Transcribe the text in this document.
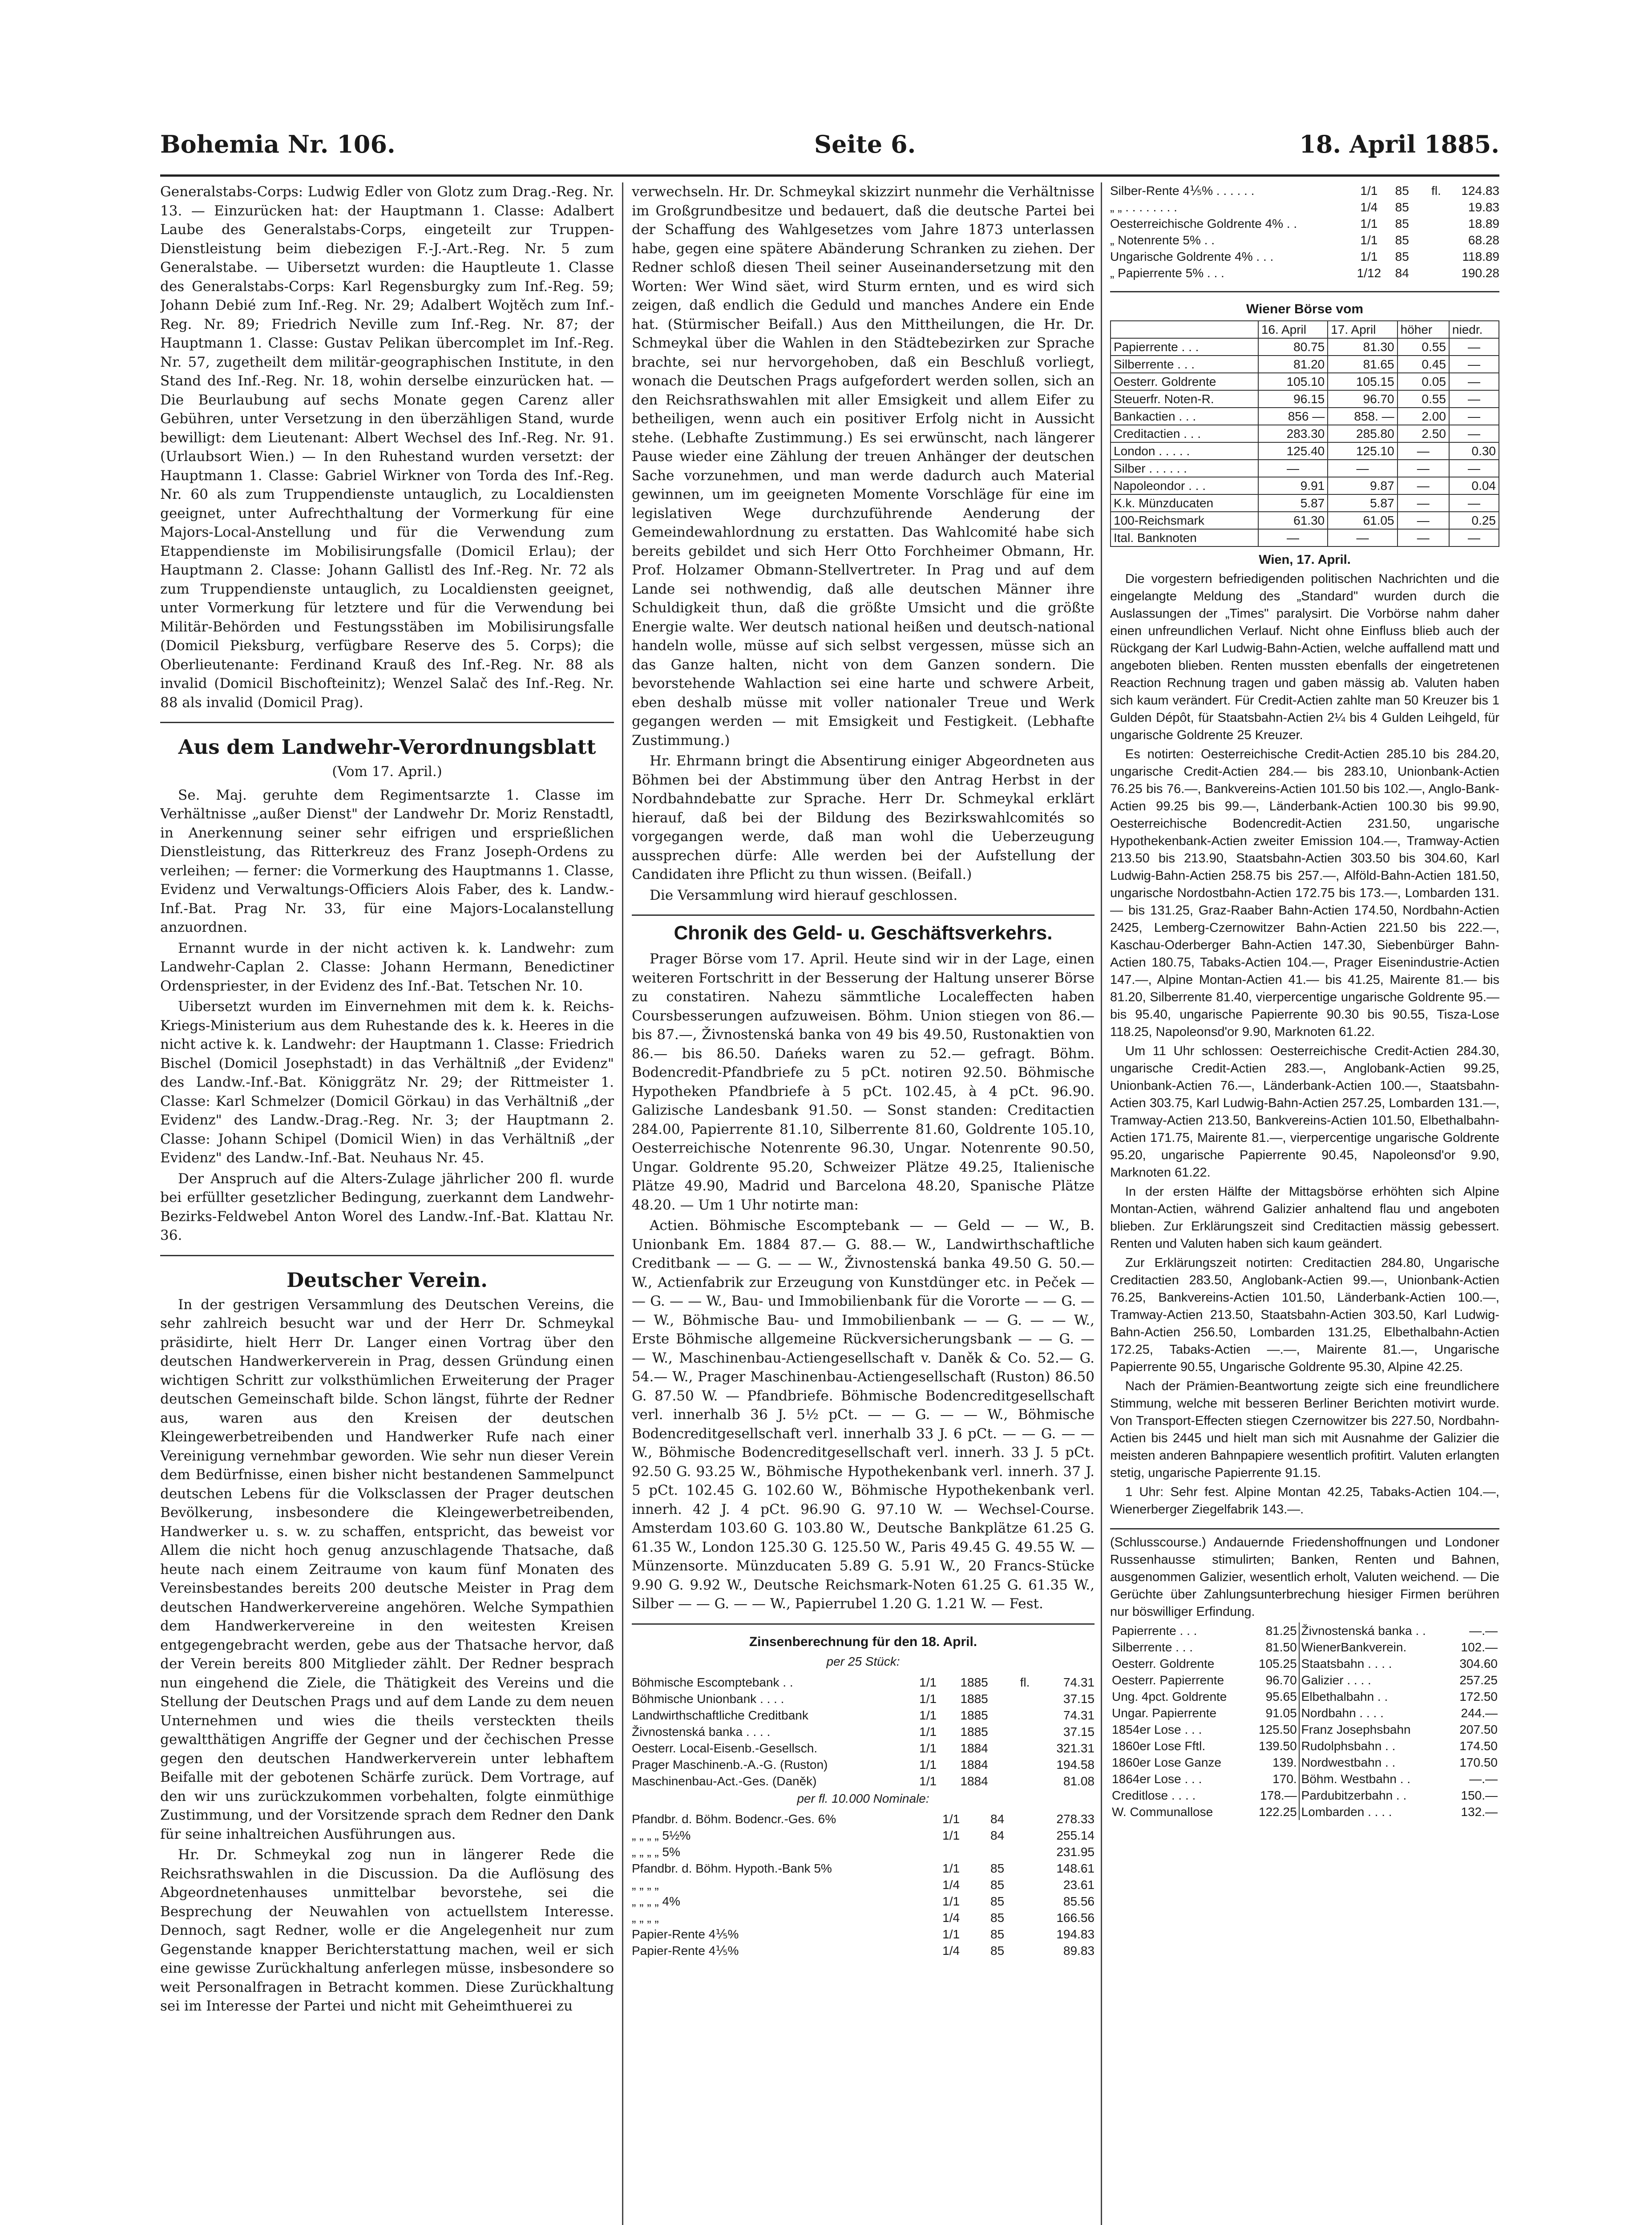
Bohemia Nr. 106.	Seite 6.	18. April 1885.

Generalstabs-Corps: Ludwig Edler von Glotz zum Drag.-Reg. Nr. 13. — Einzurücken hat: der Hauptmann 1. Classe: Adalbert Laube des Generalstabs-Corps, eingeteilt zur Truppen-Dienstleistung beim diebezigen F.-J.-Art.-Reg. Nr. 5 zum Generalstabe. — Uibersetzt wurden: die Hauptleute 1. Classe des Generalstabs-Corps: Karl Regensburgky zum Inf.-Reg. 59; Johann Debié zum Inf.-Reg. Nr. 29; Adalbert Wojtěch zum Inf.-Reg. Nr. 89; Friedrich Neville zum Inf.-Reg. Nr. 87; der Hauptmann 1. Classe: Gustav Pelikan übercomplet im Inf.-Reg. Nr. 57, zugetheilt dem militär-geographischen Institute, in den Stand des Inf.-Reg. Nr. 18, wohin derselbe einzurücken hat. — Die Beurlaubung auf sechs Monate gegen Carenz aller Gebühren, unter Versetzung in den überzähligen Stand, wurde bewilligt: dem Lieutenant: Albert Wechsel des Inf.-Reg. Nr. 91. (Urlaubsort Wien.) — In den Ruhestand wurden versetzt: der Hauptmann 1. Classe: Gabriel Wirkner von Torda des Inf.-Reg. Nr. 60 als zum Truppendienste untauglich, zu Localdiensten geeignet, unter Aufrechthaltung der Vormerkung für eine Majors-Local-Anstellung und für die Verwendung zum Etappendienste im Mobilisirungsfalle (Domicil Erlau); der Hauptmann 2. Classe: Johann Gallistl des Inf.-Reg. Nr. 72 als zum Truppendienste untauglich, zu Localdiensten geeignet, unter Vormerkung für letztere und für die Verwendung bei Militär-Behörden und Festungsstäben im Mobilisirungsfalle (Domicil Pieksburg, verfügbare Reserve des 5. Corps); die Oberlieutenante: Ferdinand Krauß des Inf.-Reg. Nr. 88 als invalid (Domicil Bischofteinitz); Wenzel Salač des Inf.-Reg. Nr. 88 als invalid (Domicil Prag).

Aus dem Landwehr-Verordnungsblatt
(Vom 17. April.)

Se. Maj. geruhte dem Regimentsarzte 1. Classe im Verhältnisse „außer Dienst" der Landwehr Dr. Moriz Renstadtl, in Anerkennung seiner sehr eifrigen und ersprießlichen Dienstleistung, das Ritterkreuz des Franz Joseph-Ordens zu verleihen; — ferner: die Vormerkung des Hauptmanns 1. Classe, Evidenz und Verwaltungs-Officiers Alois Faber, des k. Landw.-Inf.-Bat. Prag Nr. 33, für eine Majors-Localanstellung anzuordnen.

Ernannt wurde in der nicht activen k. k. Landwehr: zum Landwehr-Caplan 2. Classe: Johann Hermann, Benedictiner Ordenspriester, in der Evidenz des Inf.-Bat. Tetschen Nr. 10.

Uibersetzt wurden im Einvernehmen mit dem k. k. Reichs-Kriegs-Ministerium aus dem Ruhestande des k. k. Heeres in die nicht active k. k. Landwehr: der Hauptmann 1. Classe: Friedrich Bischel (Domicil Josephstadt) in das Verhältniß „der Evidenz" des Landw.-Inf.-Bat. Königgrätz Nr. 29; der Rittmeister 1. Classe: Karl Schmelzer (Domicil Görkau) in das Verhältniß „der Evidenz" des Landw.-Drag.-Reg. Nr. 3; der Hauptmann 2. Classe: Johann Schipel (Domicil Wien) in das Verhältniß „der Evidenz" des Landw.-Inf.-Bat. Neuhaus Nr. 45.

Der Anspruch auf die Alters-Zulage jährlicher 200 fl. wurde bei erfüllter gesetzlicher Bedingung, zuerkannt dem Landwehr-Bezirks-Feldwebel Anton Worel des Landw.-Inf.-Bat. Klattau Nr. 36.

Deutscher Verein.

In der gestrigen Versammlung des Deutschen Vereins, die sehr zahlreich besucht war und der Herr Dr. Schmeykal präsidirte, hielt Herr Dr. Langer einen Vortrag über den deutschen Handwerkerverein in Prag, dessen Gründung einen wichtigen Schritt zur volksthümlichen Erweiterung der Prager deutschen Gemeinschaft bilde. Schon längst, führte der Redner aus, waren aus den Kreisen der deutschen Kleingewerbetreibenden und Handwerker Rufe nach einer Vereinigung vernehmbar geworden. Wie sehr nun dieser Verein dem Bedürfnisse, einen bisher nicht bestandenen Sammelpunct deutschen Lebens für die Volksclassen der Prager deutschen Bevölkerung, insbesondere die Kleingewerbetreibenden, Handwerker u. s. w. zu schaffen, entspricht, das beweist vor Allem die nicht hoch genug anzuschlagende Thatsache, daß heute nach einem Zeitraume von kaum fünf Monaten des Vereinsbestandes bereits 200 deutsche Meister in Prag dem deutschen Handwerkervereine angehören. Welche Sympathien dem Handwerkervereine in den weitesten Kreisen entgegengebracht werden, gebe aus der Thatsache hervor, daß der Verein bereits 800 Mitglieder zählt. Der Redner besprach nun eingehend die Ziele, die Thätigkeit des Vereins und die Stellung der Deutschen Prags und auf dem Lande zu dem neuen Unternehmen und wies die theils versteckten theils gewaltthätigen Angriffe der Gegner und der čechischen Presse gegen den deutschen Handwerkerverein unter lebhaftem Beifalle mit der gebotenen Schärfe zurück. Dem Vortrage, auf den wir uns zurückzukommen vorbehalten, folgte einmüthige Zustimmung, und der Vorsitzende sprach dem Redner den Dank für seine inhaltreichen Ausführungen aus.

Hr. Dr. Schmeykal zog nun in längerer Rede die Reichsrathswahlen in die Discussion. Da die Auflösung des Abgeordnetenhauses unmittelbar bevorstehe, sei die Besprechung der Neuwahlen von actuellstem Interesse. Dennoch, sagt Redner, wolle er die Angelegenheit nur zum Gegenstande knapper Berichterstattung machen, weil er sich eine gewisse Zurückhaltung anferlegen müsse, insbesondere so weit Personalfragen in Betracht kommen. Diese Zurückhaltung sei im Interesse der Partei und nicht mit Geheimthuerei zu

verwechseln. Hr. Dr. Schmeykal skizzirt nunmehr die Verhältnisse im Großgrundbesitze und bedauert, daß die deutsche Partei bei der Schaffung des Wahlgesetzes vom Jahre 1873 unterlassen habe, gegen eine spätere Abänderung Schranken zu ziehen. Der Redner schloß diesen Theil seiner Auseinandersetzung mit den Worten: Wer Wind säet, wird Sturm ernten, und es wird sich zeigen, daß endlich die Geduld und manches Andere ein Ende hat. (Stürmischer Beifall.) Aus den Mittheilungen, die Hr. Dr. Schmeykal über die Wahlen in den Städtebezirken zur Sprache brachte, sei nur hervorgehoben, daß ein Beschluß vorliegt, wonach die Deutschen Prags aufgefordert werden sollen, sich an den Reichsrathswahlen mit aller Emsigkeit und allem Eifer zu betheiligen, wenn auch ein positiver Erfolg nicht in Aussicht stehe. (Lebhafte Zustimmung.) Es sei erwünscht, nach längerer Pause wieder eine Zählung der treuen Anhänger der deutschen Sache vorzunehmen, und man werde dadurch auch Material gewinnen, um im geeigneten Momente Vorschläge für eine im legislativen Wege durchzuführende Aenderung der Gemeindewahlordnung zu erstatten. Das Wahlcomité habe sich bereits gebildet und sich Herr Otto Forchheimer Obmann, Hr. Prof. Holzamer Obmann-Stellvertreter. In Prag und auf dem Lande sei nothwendig, daß alle deutschen Männer ihre Schuldigkeit thun, daß die größte Umsicht und die größte Energie walte. Wer deutsch national heißen und deutsch-national handeln wolle, müsse auf sich selbst vergessen, müsse sich an das Ganze halten, nicht von dem Ganzen sondern. Die bevorstehende Wahlaction sei eine harte und schwere Arbeit, eben deshalb müsse mit voller nationaler Treue und Werk gegangen werden — mit Emsigkeit und Festigkeit. (Lebhafte Zustimmung.)

Hr. Ehrmann bringt die Absentirung einiger Abgeordneten aus Böhmen bei der Abstimmung über den Antrag Herbst in der Nordbahndebatte zur Sprache. Herr Dr. Schmeykal erklärt hierauf, daß bei der Bildung des Bezirkswahlcomités so vorgegangen werde, daß man wohl die Ueberzeugung aussprechen dürfe: Alle werden bei der Aufstellung der Candidaten ihre Pflicht zu thun wissen. (Beifall.)

Die Versammlung wird hierauf geschlossen.

Chronik des Geld- u. Geschäftsverkehrs.

Prager Börse vom 17. April. Heute sind wir in der Lage, einen weiteren Fortschritt in der Besserung der Haltung unserer Börse zu constatiren. Nahezu sämmtliche Localeffecten haben Coursbesserungen aufzuweisen. Böhm. Union stiegen von 86.— bis 87.—, Živnostenská banka von 49 bis 49.50, Rustonaktien von 86.— bis 86.50. Dańeks waren zu 52.— gefragt. Böhm. Bodencredit-Pfandbriefe zu 5 pCt. notiren 92.50. Böhmische Hypotheken Pfandbriefe à 5 pCt. 102.45, à 4 pCt. 96.90. Galizische Landesbank 91.50. — Sonst standen: Creditactien 284.00, Papierrente 81.10, Silberrente 81.60, Goldrente 105.10, Oesterreichische Notenrente 96.30, Ungar. Notenrente 90.50, Ungar. Goldrente 95.20, Schweizer Plätze 49.25, Italienische Plätze 49.90, Madrid und Barcelona 48.20, Spanische Plätze 48.20. — Um 1 Uhr notirte man:

Actien. Böhmische Escomptebank — — Geld — — W., B. Unionbank Em. 1884 87.— G. 88.— W., Landwirthschaftliche Creditbank — — G. — — W., Živnostenská banka 49.50 G. 50.— W., Actienfabrik zur Erzeugung von Kunstdünger etc. in Peček — — G. — — W., Bau- und Immobilienbank für die Vororte — — G. — — W., Böhmische Bau- und Immobilienbank — — G. — — W., Erste Böhmische allgemeine Rückversicherungsbank — — G. — — W., Maschinenbau-Actiengesellschaft v. Daněk & Co. 52.— G. 54.— W., Prager Maschinenbau-Actiengesellschaft (Ruston) 86.50 G. 87.50 W. — Pfandbriefe. Böhmische Bodencreditgesellschaft verl. innerhalb 36 J. 5½ pCt. — — G. — — W., Böhmische Bodencreditgesellschaft verl. innerhalb 33 J. 6 pCt. — — G. — — W., Böhmische Bodencreditgesellschaft verl. innerh. 33 J. 5 pCt. 92.50 G. 93.25 W., Böhmische Hypothekenbank verl. innerh. 37 J. 5 pCt. 102.45 G. 102.60 W., Böhmische Hypothekenbank verl. innerh. 42 J. 4 pCt. 96.90 G. 97.10 W. — Wechsel-Course. Amsterdam 103.60 G. 103.80 W., Deutsche Bankplätze 61.25 G. 61.35 W., London 125.30 G. 125.50 W., Paris 49.45 G. 49.55 W. — Münzensorte. Münzducaten 5.89 G. 5.91 W., 20 Francs-Stücke 9.90 G. 9.92 W., Deutsche Reichsmark-Noten 61.25 G. 61.35 W., Silber — — G. — — W., Papierrubel 1.20 G. 1.21 W. — Fest.

Zinsenberechnung für den 18. April.
per 25 Stück:
Böhmische Escomptebank . .	1/1	1885	fl.	74.31
Böhmische Unionbank . . . .	1/1	1885	37.15
Landwirthschaftliche Creditbank	1/1	1885	74.31
Živnostenská banka . . . .	1/1	1885	37.15
Oesterr. Local-Eisenb.-Gesellsch.	1/1	1884	321.31
Prager Maschinenb.-A.-G. (Ruston)	1/1	1884	194.58
Maschinenbau-Act.-Ges. (Daněk)	1/1	1884	81.08
per fl. 10.000 Nominale:
Pfandbr. d. Böhm. Bodencr.-Ges. 6%	1/1	84	278.33
„ „ „ „ 5½%	1/1	84	255.14
„ „ „ „ 5%	231.95
Pfandbr. d. Böhm. Hypoth.-Bank 5%	1/1	85	148.61
„ „ „ „	1/4	85	23.61
„ „ „ „ 4%	1/1	85	85.56
„ „ „ „	1/4	85	166.56
Papier-Rente 4⅕%	1/1	85	194.83
Papier-Rente 4⅕%	1/4	85	89.83
Silber-Rente 4⅕% . . . . . .	1/1	85	fl.	124.83
„ „ . . . . . . . .	1/4	85	19.83
Oesterreichische Goldrente 4% . .	1/1	85	18.89
„ Notenrente 5% . .	1/1	85	68.28
Ungarische Goldrente 4% . . .	1/1	85	118.89
„ Papierrente 5% . . .	1/12	84	190.28
Wiener Börse vom
	16. April	17. April	höher	niedr.
Papierrente . . .	80.75	81.30	0.55	—
Silberrente . . .	81.20	81.65	0.45	—
Oesterr. Goldrente	105.10	105.15	0.05	—
Steuerfr. Noten-R.	96.15	96.70	0.55	—
Bankactien . . .	856 —	858. —	2.00	—
Creditactien . . .	283.30	285.80	2.50	—
London . . . . .	125.40	125.10	—	0.30
Silber . . . . . .	—	—	—	—
Napoleondor . . .	9.91	9.87	—	0.04
K.k. Münzducaten	5.87	5.87	—	—
100-Reichsmark	61.30	61.05	—	0.25
Ital. Banknoten	—	—	—	—
Wien, 17. April.

Die vorgestern befriedigenden politischen Nachrichten und die eingelangte Meldung des „Standard" wurden durch die Auslassungen der „Times" paralysirt. Die Vorbörse nahm daher einen unfreundlichen Verlauf. Nicht ohne Einfluss blieb auch der Rückgang der Karl Ludwig-Bahn-Actien, welche auffallend matt und angeboten blieben. Renten mussten ebenfalls der eingetretenen Reaction Rechnung tragen und gaben mässig ab. Valuten haben sich kaum verändert. Für Credit-Actien zahlte man 50 Kreuzer bis 1 Gulden Dépôt, für Staatsbahn-Actien 2¼ bis 4 Gulden Leihgeld, für ungarische Goldrente 25 Kreuzer.

Es notirten: Oesterreichische Credit-Actien 285.10 bis 284.20, ungarische Credit-Actien 284.— bis 283.10, Unionbank-Actien 76.25 bis 76.—, Bankvereins-Actien 101.50 bis 102.—, Anglo-Bank-Actien 99.25 bis 99.—, Länderbank-Actien 100.30 bis 99.90, Oesterreichische Bodencredit-Actien 231.50, ungarische Hypothekenbank-Actien zweiter Emission 104.—, Tramway-Actien 213.50 bis 213.90, Staatsbahn-Actien 303.50 bis 304.60, Karl Ludwig-Bahn-Actien 258.75 bis 257.—, Alföld-Bahn-Actien 181.50, ungarische Nordostbahn-Actien 172.75 bis 173.—, Lombarden 131.— bis 131.25, Graz-Raaber Bahn-Actien 174.50, Nordbahn-Actien 2425, Lemberg-Czernowitzer Bahn-Actien 221.50 bis 222.—, Kaschau-Oderberger Bahn-Actien 147.30, Siebenbürger Bahn-Actien 180.75, Tabaks-Actien 104.—, Prager Eisenindustrie-Actien 147.—, Alpine Montan-Actien 41.— bis 41.25, Mairente 81.— bis 81.20, Silberrente 81.40, vierpercentige ungarische Goldrente 95.— bis 95.40, ungarische Papierrente 90.30 bis 90.55, Tisza-Lose 118.25, Napoleonsd'or 9.90, Marknoten 61.22.

Um 11 Uhr schlossen: Oesterreichische Credit-Actien 284.30, ungarische Credit-Actien 283.—, Anglobank-Actien 99.25, Unionbank-Actien 76.—, Länderbank-Actien 100.—, Staatsbahn-Actien 303.75, Karl Ludwig-Bahn-Actien 257.25, Lombarden 131.—, Tramway-Actien 213.50, Bankvereins-Actien 101.50, Elbethalbahn-Actien 171.75, Mairente 81.—, vierpercentige ungarische Goldrente 95.20, ungarische Papierrente 90.45, Napoleonsd'or 9.90, Marknoten 61.22.

In der ersten Hälfte der Mittagsbörse erhöhten sich Alpine Montan-Actien, während Galizier anhaltend flau und angeboten blieben. Zur Erklärungszeit sind Creditactien mässig gebessert. Renten und Valuten haben sich kaum geändert.

Zur Erklärungszeit notirten: Creditactien 284.80, Ungarische Creditactien 283.50, Anglobank-Actien 99.—, Unionbank-Actien 76.25, Bankvereins-Actien 101.50, Länderbank-Actien 100.—, Tramway-Actien 213.50, Staatsbahn-Actien 303.50, Karl Ludwig-Bahn-Actien 256.50, Lombarden 131.25, Elbethalbahn-Actien 172.25, Tabaks-Actien —.—, Mairente 81.—, Ungarische Papierrente 90.55, Ungarische Goldrente 95.30, Alpine 42.25.

Nach der Prämien-Beantwortung zeigte sich eine freundlichere Stimmung, welche mit besseren Berliner Berichten motivirt wurde. Von Transport-Effecten stiegen Czernowitzer bis 227.50, Nordbahn-Actien bis 2445 und hielt man sich mit Ausnahme der Galizier die meisten anderen Bahnpapiere wesentlich profitirt. Valuten erlangten stetig, ungarische Papierrente 91.15.

1 Uhr: Sehr fest. Alpine Montan 42.25, Tabaks-Actien 104.—, Wienerberger Ziegelfabrik 143.—.

(Schlusscourse.) Andauernde Friedenshoffnungen und Londoner Russenhausse stimulirten; Banken, Renten und Bahnen, ausgenommen Galizier, wesentlich erholt, Valuten weichend. — Die Gerüchte über Zahlungsunterbrechung hiesiger Firmen berühren nur böswilliger Erfindung.

Papierrente . . .	81.25	Živnostenská banka . .	—.—
Silberrente . . .	81.50	WienerBankverein.	102.—
Oesterr. Goldrente	105.25	Staatsbahn . . . .	304.60
Oesterr. Papierrente	96.70	Galizier . . . .	257.25
Ung. 4pct. Goldrente	95.65	Elbethalbahn . .	172.50
Ungar. Papierrente	91.05	Nordbahn . . . .	244.—
1854er Lose . . .	125.50	Franz Josephsbahn	207.50
1860er Lose Fftl.	139.50	Rudolphsbahn . .	174.50
1860er Lose Ganze	139.	Nordwestbahn . .	170.50
1864er Lose . . .	170.	Böhm. Westbahn . .	—.—
Creditlose . . . .	178.—	Pardubitzerbahn . .	150.—
W. Communallose	122.25	Lombarden . . . .	132.—
